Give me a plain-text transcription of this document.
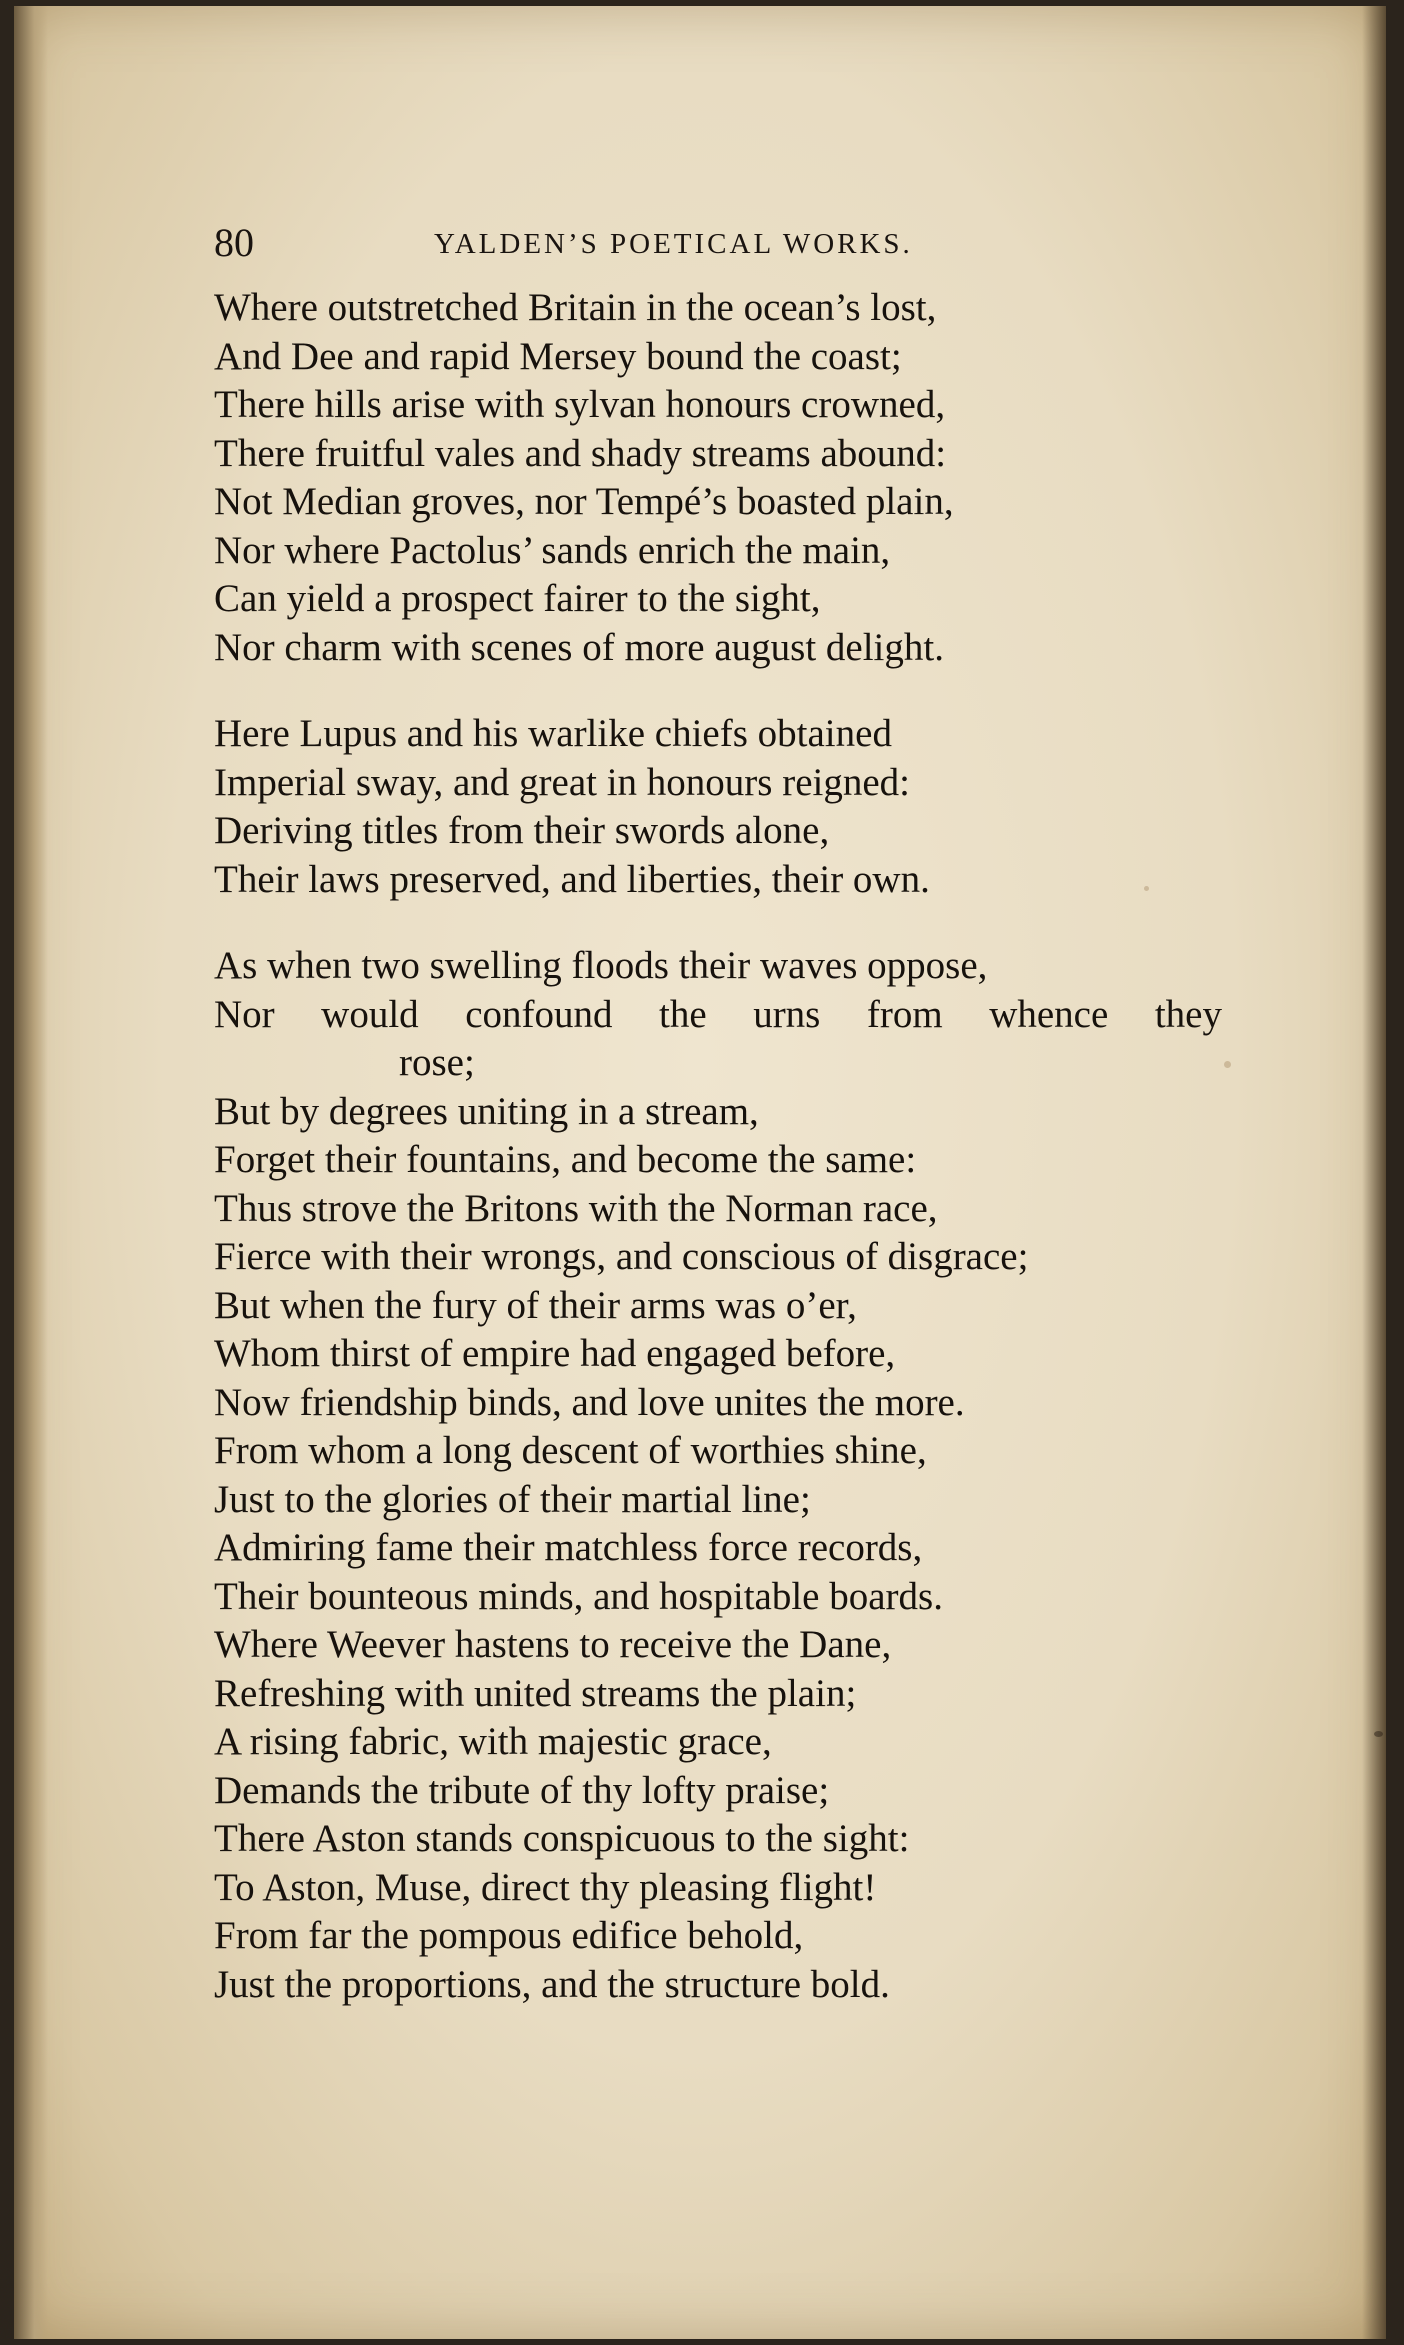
80	YALDEN’S POETICAL WORKS.
Where outstretched Britain in the ocean’s lost,
And Dee and rapid Mersey bound the coast;
There hills arise with sylvan honours crowned,
There fruitful vales and shady streams abound:
Not Median groves, nor Tempé’s boasted plain,
Nor where Pactolus’ sands enrich the main,
Can yield a prospect fairer to the sight,
Nor charm with scenes of more august delight.
Here Lupus and his warlike chiefs obtained
Imperial sway, and great in honours reigned:
Deriving titles from their swords alone,
Their laws preserved, and liberties, their own.
As when two swelling floods their waves oppose,
Nor would confound the urns from whence they
rose;
But by degrees uniting in a stream,
Forget their fountains, and become the same:
Thus strove the Britons with the Norman race,
Fierce with their wrongs, and conscious of disgrace;
But when the fury of their arms was o’er,
Whom thirst of empire had engaged before,
Now friendship binds, and love unites the more.
From whom a long descent of worthies shine,
Just to the glories of their martial line;
Admiring fame their matchless force records,
Their bounteous minds, and hospitable boards.
Where Weever hastens to receive the Dane,
Refreshing with united streams the plain;
A rising fabric, with majestic grace,
Demands the tribute of thy lofty praise;
There Aston stands conspicuous to the sight:
To Aston, Muse, direct thy pleasing flight!
From far the pompous edifice behold,
Just the proportions, and the structure bold.
